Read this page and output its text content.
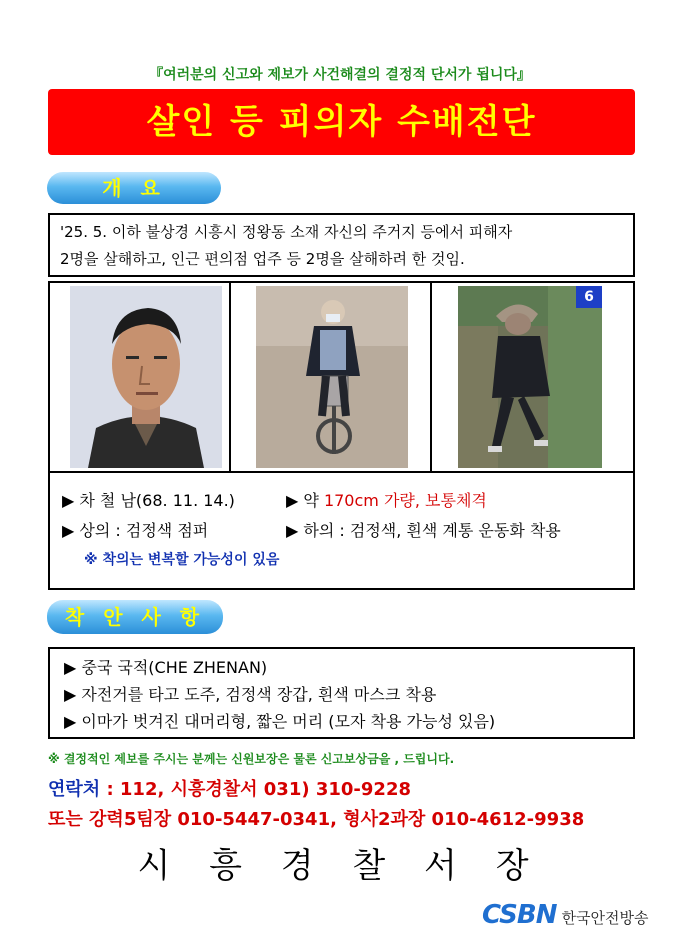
『여러분의 신고와 제보가 사건해결의 결정적 단서가 됩니다』
살인 등 피의자 수배전단
개 요
'25. 5. 이하 불상경 시흥시 정왕동 소재 자신의 주거지 등에서 피해자
2명을 살해하고, 인근 편의점 업주 등 2명을 살해하려 한 것임.
6
▶ 차 철 남(68. 11. 14.)	▶ 약 170cm 가량, 보통체격
▶ 상의 : 검정색 점퍼	▶ 하의 : 검정색, 흰색 계통 운동화 착용
※ 착의는 변복할 가능성이 있음
착 안 사 항
▶ 중국 국적(CHE ZHENAN)
▶ 자전거를 타고 도주, 검정색 장갑, 흰색 마스크 착용
▶ 이마가 벗겨진 대머리형, 짧은 머리 (모자 착용 가능성 있음)
※ 결정적인 제보를 주시는 분께는 신원보장은 물론 신고보상금을 , 드립니다.
연락처 : 112, 시흥경찰서 031) 310-9228
또는 강력5팀장 010-5447-0341, 형사2과장 010-4612-9938
시 흥 경 찰 서 장
CSBN 한국안전방송
